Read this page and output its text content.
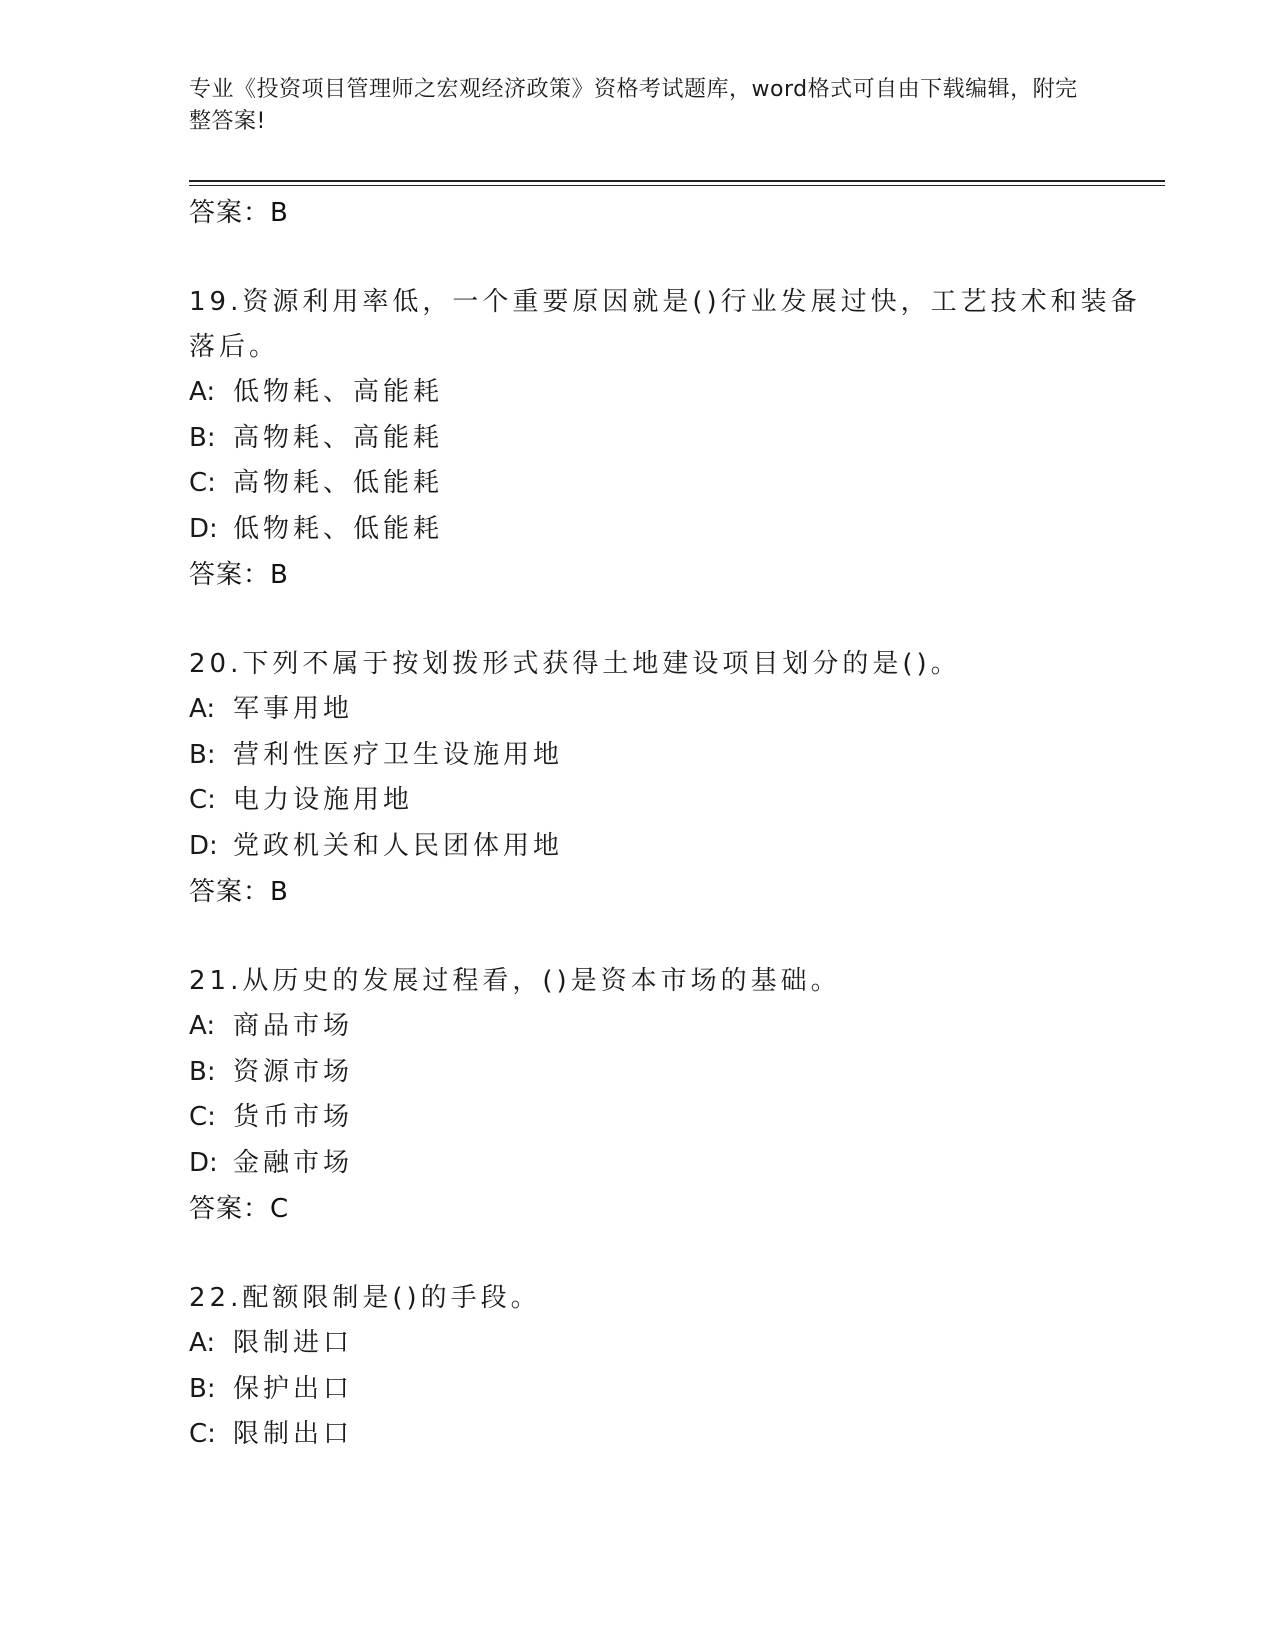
专业《投资项目管理师之宏观经济政策》资格考试题库，word格式可自由下载编辑，附完整答案!
答案：B
19.资源利用率低，一个重要原因就是()行业发展过快，工艺技术和装备落后。
A: 低物耗、高能耗
B: 高物耗、高能耗
C: 高物耗、低能耗
D: 低物耗、低能耗
答案：B
20.下列不属于按划拨形式获得土地建设项目划分的是()。
A: 军事用地
B: 营利性医疗卫生设施用地
C: 电力设施用地
D: 党政机关和人民团体用地
答案：B
21.从历史的发展过程看，()是资本市场的基础。
A: 商品市场
B: 资源市场
C: 货币市场
D: 金融市场
答案：C
22.配额限制是()的手段。
A: 限制进口
B: 保护出口
C: 限制出口
